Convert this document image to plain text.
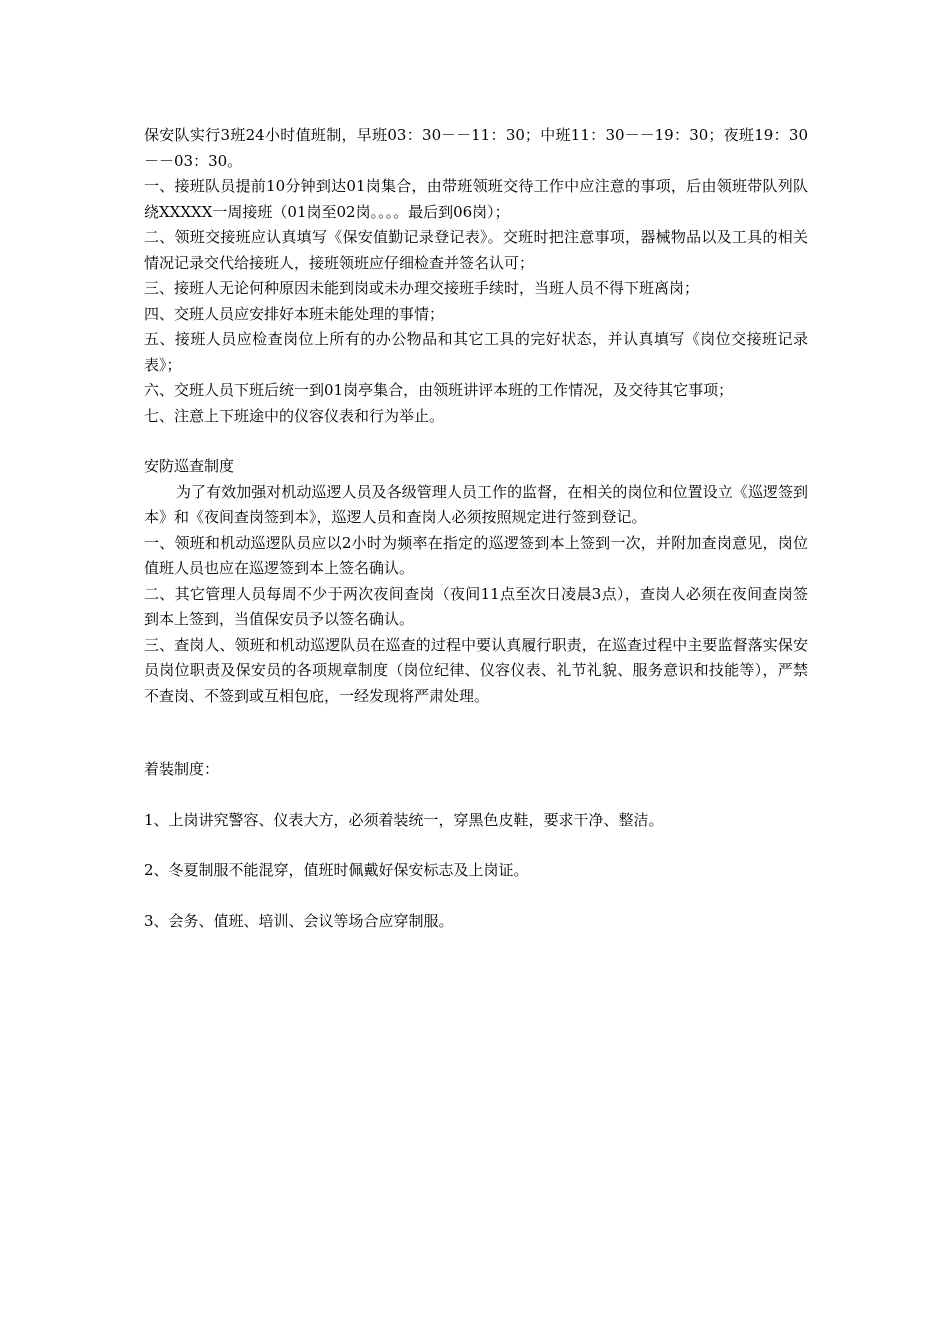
保安队实行3班24小时值班制，早班03：30－－11：30；中班11：30－－19：30；夜班19：30－－03：30。

一、接班队员提前10分钟到达01岗集合，由带班领班交待工作中应注意的事项，后由领班带队列队绕XXXXX一周接班（01岗至02岗。。。。最后到06岗）；

二、领班交接班应认真填写《保安值勤记录登记表》。交班时把注意事项，器械物品以及工具的相关情况记录交代给接班人，接班领班应仔细检查并签名认可；

三、接班人无论何种原因未能到岗或未办理交接班手续时，当班人员不得下班离岗；

四、交班人员应安排好本班未能处理的事情；

五、接班人员应检查岗位上所有的办公物品和其它工具的完好状态，并认真填写《岗位交接班记录表》；

六、交班人员下班后统一到01岗亭集合，由领班讲评本班的工作情况，及交待其它事项；

七、注意上下班途中的仪容仪表和行为举止。

安防巡查制度

为了有效加强对机动巡逻人员及各级管理人员工作的监督，在相关的岗位和位置设立《巡逻签到本》和《夜间查岗签到本》，巡逻人员和查岗人必须按照规定进行签到登记。

一、领班和机动巡逻队员应以2小时为频率在指定的巡逻签到本上签到一次，并附加查岗意见，岗位值班人员也应在巡逻签到本上签名确认。

二、其它管理人员每周不少于两次夜间查岗（夜间11点至次日凌晨3点），查岗人必须在夜间查岗签到本上签到，当值保安员予以签名确认。

三、查岗人、领班和机动巡逻队员在巡查的过程中要认真履行职责，在巡查过程中主要监督落实保安员岗位职责及保安员的各项规章制度（岗位纪律、仪容仪表、礼节礼貌、服务意识和技能等），严禁不查岗、不签到或互相包庇，一经发现将严肃处理。

着装制度：

1、上岗讲究警容、仪表大方，必须着装统一，穿黑色皮鞋，要求干净、整洁。

2、冬夏制服不能混穿，值班时佩戴好保安标志及上岗证。

3、会务、值班、培训、会议等场合应穿制服。
